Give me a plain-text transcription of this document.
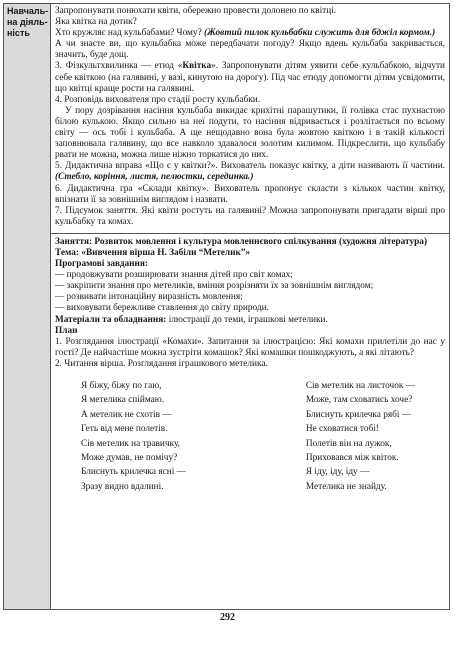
Навчаль-
на діяль-
ність

Запропонувати понюхати квіти, обережно провести долонею по квітці.

Яка квітка на дотик?

Хто кружляє над кульбабами? Чому? (Жовтий пилок кульбабки служить для бджіл кормом.)

А чи знаєте ви, що кульбабка може передбачати погоду? Якщо вдень кульбаба закривається, значить, буде дощ.

3. Фізкультхвилинка — етюд «Квітка». Запропонувати дітям уявити себе кульбабкою, відчути себе квіткою (на галявині, у вазі, кинутою на дорогу). Під час етюду допомогти дітям усвідомити, що квітці краще рости на галявині.

4. Розповідь вихователя про стадії росту кульбабки.

У пору дозрівання насіння кульбаба викидає крихітні парашутики, її голівка стає пухнастою білою кулькою. Якщо сильно на неї подути, то насіння відривається і розлітається по всьому світу — ось тобі і кульбаба. А ще нещодавно вона була жовтою квіткою і в такій кількості заповнювала галявину, що все навколо здавалося золотим килимом. Підкреслити, що кульбабу рвати не можна, можна лише ніжно торкатися до них.

5. Дидактична вправа «Що є у квітки?». Вихователь показує квітку, а діти називають її частини. (Стебло, коріння, листя, пелюстки, серединка.)

6. Дидактична гра «Склади квітку». Вихователь пропонує скласти з кількох частин квітку, впізнати її за зовнішнім виглядом і назвати.

7. Підсумок заняття. Які квіти ростуть на галявині? Можна запропонувати пригадати вірші про кульбабку та комах.

Заняття: Розвиток мовлення і культура мовленнєвого спілкування (художня література)

Тема: «Вивчення вірша Н. Забіли “Метелик”»

Програмові завдання:

— продовжувати розширювати знання дітей про світ комах;

— закріпити знання про метеликів, вміння розрізняти їх за зовнішнім виглядом;

— розвивати інтонаційну виразність мовлення;

— виховувати бережливе ставлення до світу природи.

Матеріали та обладнання: ілюстрації до теми, іграшкові метелики.

План

1. Розглядання ілюстрації «Комахи». Запитання за ілюстрацією: Які комахи прилетіли до нас у гості? Де найчастіше можна зустріти комашок? Які комашки пошкоджують, а які літають?

2. Читання вірша. Розглядання іграшкового метелика.

Я біжу, біжу по гаю,

Я метелика спіймаю.

А метелик не схотів —

Геть від мене полетів.

Сів метелик на травичку,

Може думав, не помічу?

Блиснуть крилечка ясні —

Зразу видно вдалині.

Сів метелик на листочок —

Може, там сховатись хоче?

Блиснуть крилечка рябі —

Не сховатися тобі!

Полетів він на лужок,

Приховався між квіток.

Я іду, іду, іду —

Метелика не знайду.

292
